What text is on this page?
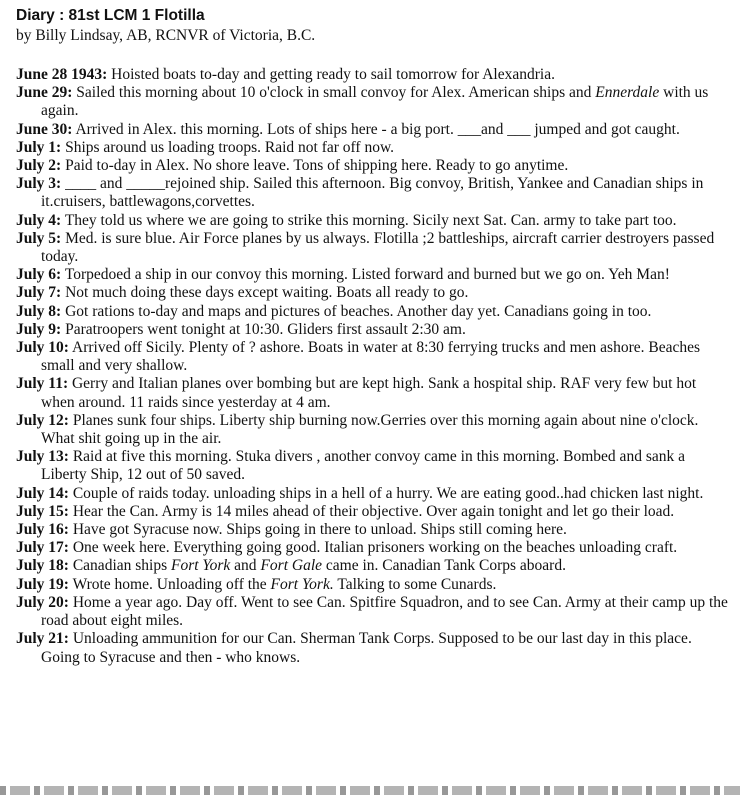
Diary : 81st LCM 1 Flotilla

by Billy Lindsay, AB, RCNVR of Victoria, B.C.

June 28 1943: Hoisted boats to-day and getting ready to sail tomorrow for Alexandria.

June 29: Sailed this morning about 10 o'clock in small convoy for Alex. American ships and Ennerdale with us again.

June 30: Arrived in Alex. this morning. Lots of ships here - a big port. ___and ___ jumped and got caught.

July 1: Ships around us loading troops. Raid not far off now.

July 2: Paid to-day in Alex. No shore leave. Tons of shipping here. Ready to go anytime.

July 3: ____ and _____rejoined ship. Sailed this afternoon. Big convoy, British, Yankee and Canadian ships in it.cruisers, battlewagons,corvettes.

July 4: They told us where we are going to strike this morning. Sicily next Sat. Can. army to take part too.

July 5: Med. is sure blue. Air Force planes by us always. Flotilla ;2 battleships, aircraft carrier destroyers passed today.

July 6: Torpedoed a ship in our convoy this morning. Listed forward and burned but we go on. Yeh Man!

July 7: Not much doing these days except waiting. Boats all ready to go.

July 8: Got rations to-day and maps and pictures of beaches. Another day yet. Canadians going in too.

July 9: Paratroopers went tonight at 10:30. Gliders first assault 2:30 am.

July 10: Arrived off Sicily. Plenty of ? ashore. Boats in water at 8:30 ferrying trucks and men ashore. Beaches small and very shallow.

July 11: Gerry and Italian planes over bombing but are kept high. Sank a hospital ship. RAF very few but hot when around. 11 raids since yesterday at 4 am.

July 12: Planes sunk four ships. Liberty ship burning now.Gerries over this morning again about nine o'clock. What shit going up in the air.

July 13: Raid at five this morning. Stuka divers , another convoy came in this morning. Bombed and sank a Liberty Ship, 12 out of 50 saved.

July 14: Couple of raids today. unloading ships in a hell of a hurry. We are eating good..had chicken last night.

July 15: Hear the Can. Army is 14 miles ahead of their objective. Over again tonight and let go their load.

July 16: Have got Syracuse now. Ships going in there to unload. Ships still coming here.

July 17: One week here. Everything going good. Italian prisoners working on the beaches unloading craft.

July 18: Canadian ships Fort York and Fort Gale came in. Canadian Tank Corps aboard.

July 19: Wrote home. Unloading off the Fort York. Talking to some Cunards.

July 20: Home a year ago. Day off. Went to see Can. Spitfire Squadron, and to see Can. Army at their camp up the road about eight miles.

July 21: Unloading ammunition for our Can. Sherman Tank Corps. Supposed to be our last day in this place. Going to Syracuse and then - who knows.
